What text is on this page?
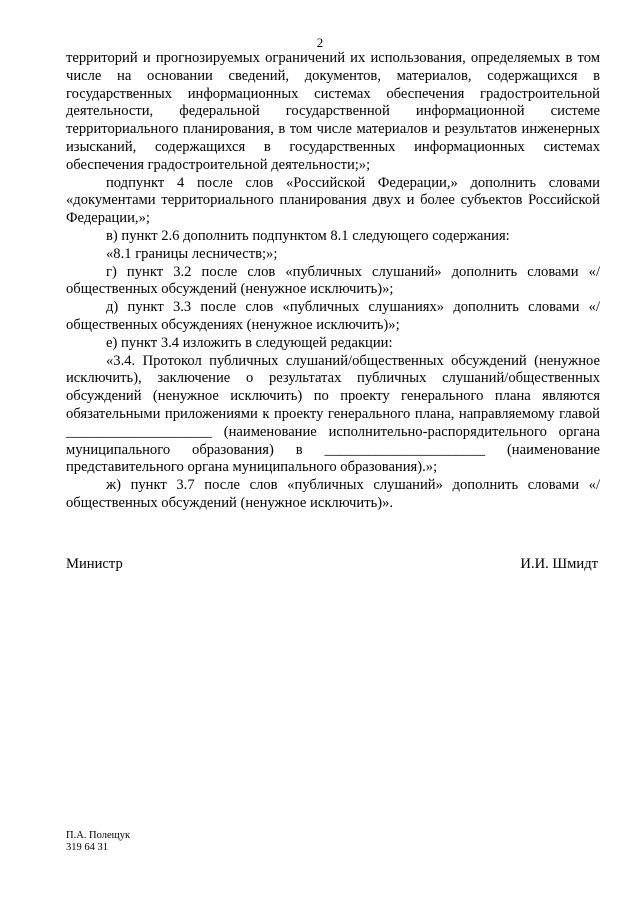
2

территорий и прогнозируемых ограничений их использования, определяемых в том числе на основании сведений, документов, материалов, содержащихся в государственных информационных системах обеспечения градостроительной деятельности, федеральной государственной информационной системе территориального планирования, в том числе материалов и результатов инженерных изысканий, содержащихся в государственных информационных системах обеспечения градостроительной деятельности;»;

подпункт 4 после слов «Российской Федерации,» дополнить словами «документами территориального планирования двух и более субъектов Российской Федерации,»;

в) пункт 2.6 дополнить подпунктом 8.1 следующего содержания:

«8.1 границы лесничеств;»;

г) пункт 3.2 после слов «публичных слушаний» дополнить словами «/общественных обсуждений (ненужное исключить)»;

д) пункт 3.3 после слов «публичных слушаниях» дополнить словами «/общественных обсуждениях (ненужное исключить)»;

е) пункт 3.4 изложить в следующей редакции:

«3.4. Протокол публичных слушаний/общественных обсуждений (ненужное исключить), заключение о результатах публичных слушаний/общественных обсуждений (ненужное исключить) по проекту генерального плана являются обязательными приложениями к проекту генерального плана, направляемому главой ____________________ (наименование исполнительно-распорядительного органа муниципального образования) в ______________________ (наименование представительного органа муниципального образования).»;

ж) пункт 3.7 после слов «публичных слушаний» дополнить словами «/общественных обсуждений (ненужное исключить)».

Министр	И.И. Шмидт
П.А. Полещук
319 64 31
